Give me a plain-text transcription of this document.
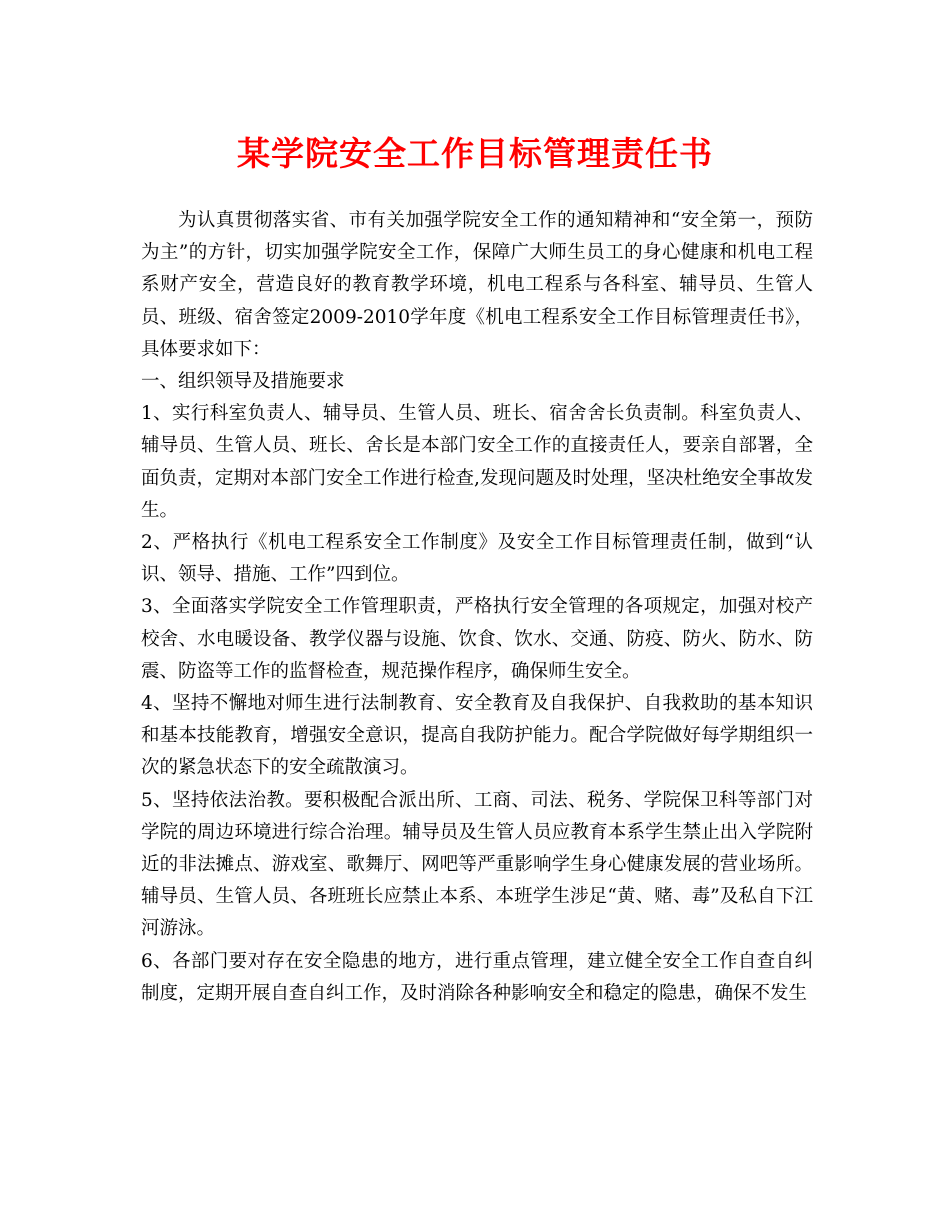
某学院安全工作目标管理责任书

为认真贯彻落实省、市有关加强学院安全工作的通知精神和“安全第一，预防为主”的方针，切实加强学院安全工作，保障广大师生员工的身心健康和机电工程系财产安全，营造良好的教育教学环境，机电工程系与各科室、辅导员、生管人员、班级、宿舍签定2009-2010学年度《机电工程系安全工作目标管理责任书》，具体要求如下：

一、组织领导及措施要求

1、实行科室负责人、辅导员、生管人员、班长、宿舍舍长负责制。科室负责人、辅导员、生管人员、班长、舍长是本部门安全工作的直接责任人，要亲自部署，全面负责，定期对本部门安全工作进行检查,发现问题及时处理，坚决杜绝安全事故发生。

2、严格执行《机电工程系安全工作制度》及安全工作目标管理责任制，做到“认识、领导、措施、工作”四到位。

3、全面落实学院安全工作管理职责，严格执行安全管理的各项规定，加强对校产校舍、水电暖设备、教学仪器与设施、饮食、饮水、交通、防疫、防火、防水、防震、防盗等工作的监督检查，规范操作程序，确保师生安全。

4、坚持不懈地对师生进行法制教育、安全教育及自我保护、自我救助的基本知识和基本技能教育，增强安全意识，提高自我防护能力。配合学院做好每学期组织一次的紧急状态下的安全疏散演习。

5、坚持依法治教。要积极配合派出所、工商、司法、税务、学院保卫科等部门对学院的周边环境进行综合治理。辅导员及生管人员应教育本系学生禁止出入学院附近的非法摊点、游戏室、歌舞厅、网吧等严重影响学生身心健康发展的营业场所。辅导员、生管人员、各班班长应禁止本系、本班学生涉足“黄、赌、毒”及私自下江河游泳。

6、各部门要对存在安全隐患的地方，进行重点管理，建立健全安全工作自查自纠制度，定期开展自查自纠工作，及时消除各种影响安全和稳定的隐患，确保不发生
